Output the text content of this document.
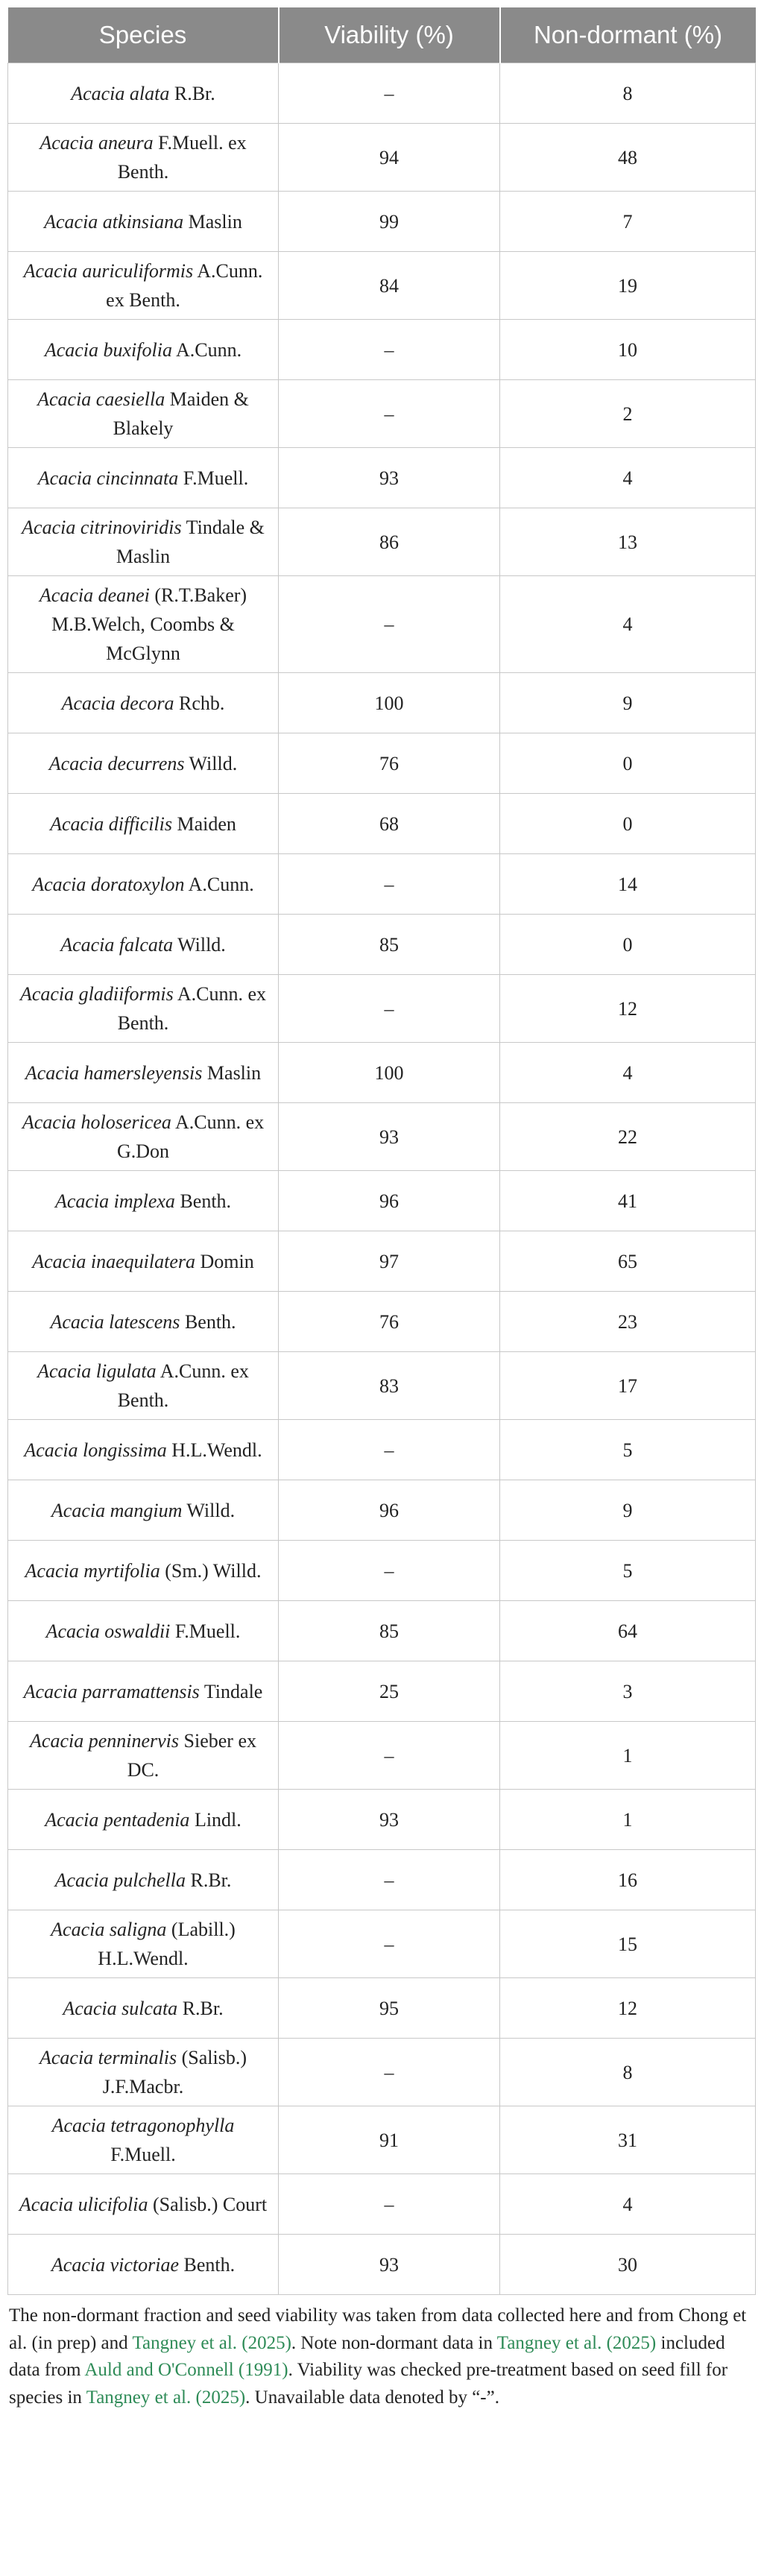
Species	Viability (%)	Non-dormant (%)
Acacia alata R.Br.	–	8
Acacia aneura F.Muell. ex Benth.	94	48
Acacia atkinsiana Maslin	99	7
Acacia auriculiformis A.Cunn. ex Benth.	84	19
Acacia buxifolia A.Cunn.	–	10
Acacia caesiella Maiden & Blakely	–	2
Acacia cincinnata F.Muell.	93	4
Acacia citrinoviridis Tindale & Maslin	86	13
Acacia deanei (R.T.Baker) M.B.Welch, Coombs & McGlynn	–	4
Acacia decora Rchb.	100	9
Acacia decurrens Willd.	76	0
Acacia difficilis Maiden	68	0
Acacia doratoxylon A.Cunn.	–	14
Acacia falcata Willd.	85	0
Acacia gladiiformis A.Cunn. ex Benth.	–	12
Acacia hamersleyensis Maslin	100	4
Acacia holosericea A.Cunn. ex G.Don	93	22
Acacia implexa Benth.	96	41
Acacia inaequilatera Domin	97	65
Acacia latescens Benth.	76	23
Acacia ligulata A.Cunn. ex Benth.	83	17
Acacia longissima H.L.Wendl.	–	5
Acacia mangium Willd.	96	9
Acacia myrtifolia (Sm.) Willd.	–	5
Acacia oswaldii F.Muell.	85	64
Acacia parramattensis Tindale	25	3
Acacia penninervis Sieber ex DC.	–	1
Acacia pentadenia Lindl.	93	1
Acacia pulchella R.Br.	–	16
Acacia saligna (Labill.) H.L.Wendl.	–	15
Acacia sulcata R.Br.	95	12
Acacia terminalis (Salisb.) J.F.Macbr.	–	8
Acacia tetragonophylla F.Muell.	91	31
Acacia ulicifolia (Salisb.) Court	–	4
Acacia victoriae Benth.	93	30
The non-dormant fraction and seed viability was taken from data collected here and from Chong et al. (in prep) and Tangney et al. (2025). Note non-dormant data in Tangney et al. (2025) included data from Auld and O'Connell (1991). Viability was checked pre-treatment based on seed fill for species in Tangney et al. (2025). Unavailable data denoted by “-”.
